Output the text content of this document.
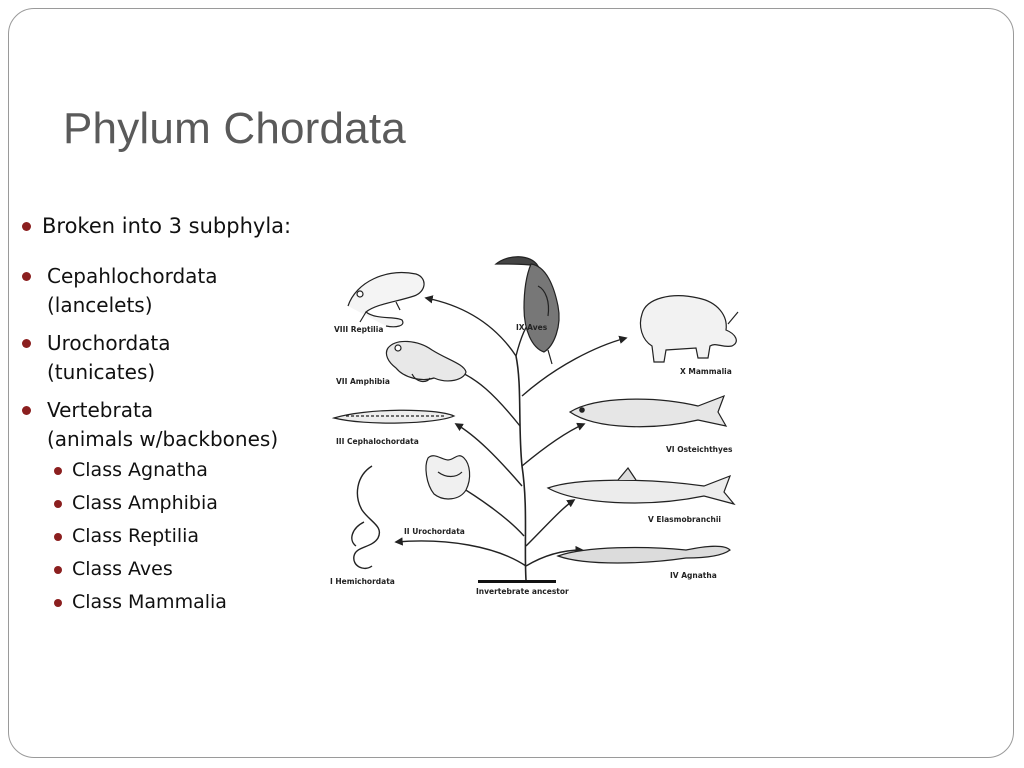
Phylum Chordata
Broken into 3 subphyla:
Cepahlochordata
(lancelets)
Urochordata
(tunicates)
Vertebrata
(animals w/backbones)
Class Agnatha
Class Amphibia
Class Reptilia
Class Aves
Class Mammalia
VIII Reptilia	IX Aves
X Mammalia
VII Amphibia
VI Osteichthyes
III Cephalochordata
II Urochordata
V Elasmobranchii
I Hemichordata
IV Agnatha
Invertebrate ancestor
